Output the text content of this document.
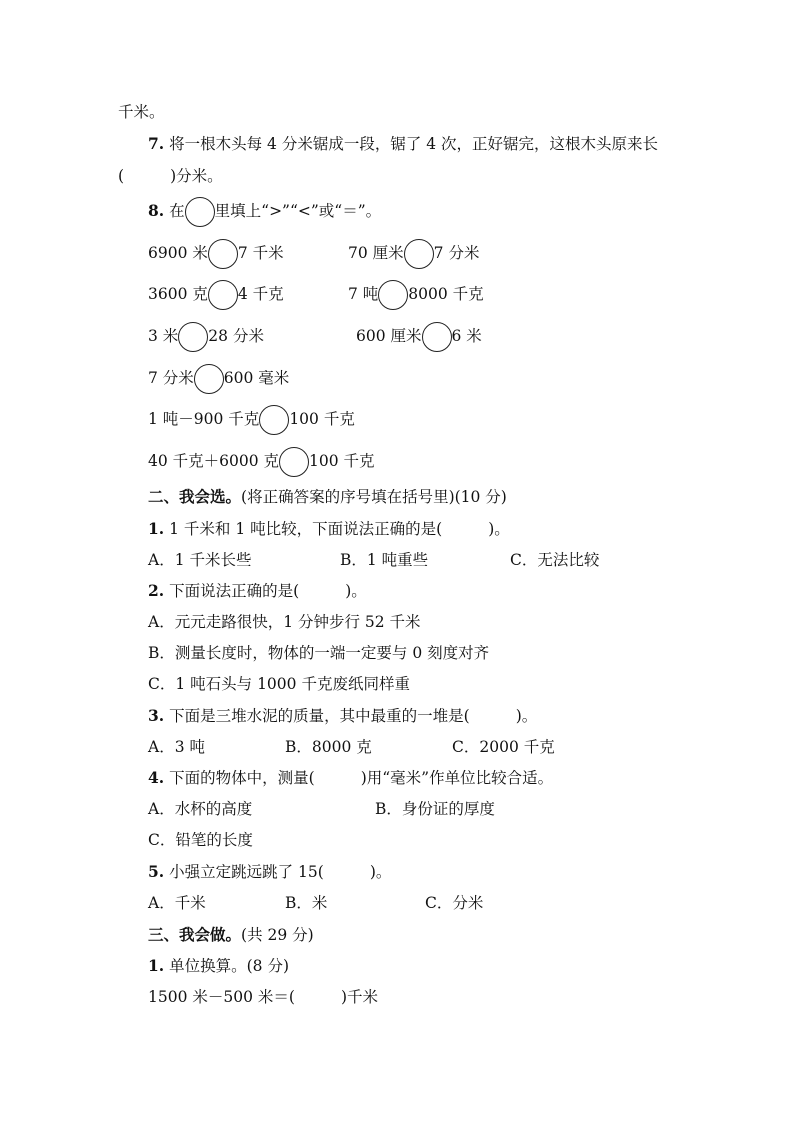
千米。
7. 将一根木头每 4 分米锯成一段，锯了 4 次，正好锯完，这根木头原来长
(	)分米。
8. 在 里填上“>”“<”或“＝”。
6900 米 7 千米	70 厘米 7 分米
3600 克 4 千克	7 吨 8000 千克
3 米 28 分米	600 厘米 6 米
7 分米 600 毫米
1 吨－900 千克 100 千克
40 千克＋6000 克 100 千克
二、我会选。(将正确答案的序号填在括号里)(10 分)
1. 1 千米和 1 吨比较，下面说法正确的是(	)。
A．1 千米长些	B．1 吨重些	C．无法比较
2. 下面说法正确的是(	)。
A．元元走路很快，1 分钟步行 52 千米
B．测量长度时，物体的一端一定要与 0 刻度对齐
C．1 吨石头与 1000 千克废纸同样重
3. 下面是三堆水泥的质量，其中最重的一堆是(	)。
A．3 吨	B．8000 克	C．2000 千克
4. 下面的物体中，测量(	)用“毫米”作单位比较合适。
A．水杯的高度	B．身份证的厚度
C．铅笔的长度
5. 小强立定跳远跳了 15(	)。
A．千米	B．米	C．分米
三、我会做。(共 29 分)
1. 单位换算。(8 分)
1500 米－500 米＝(	)千米
